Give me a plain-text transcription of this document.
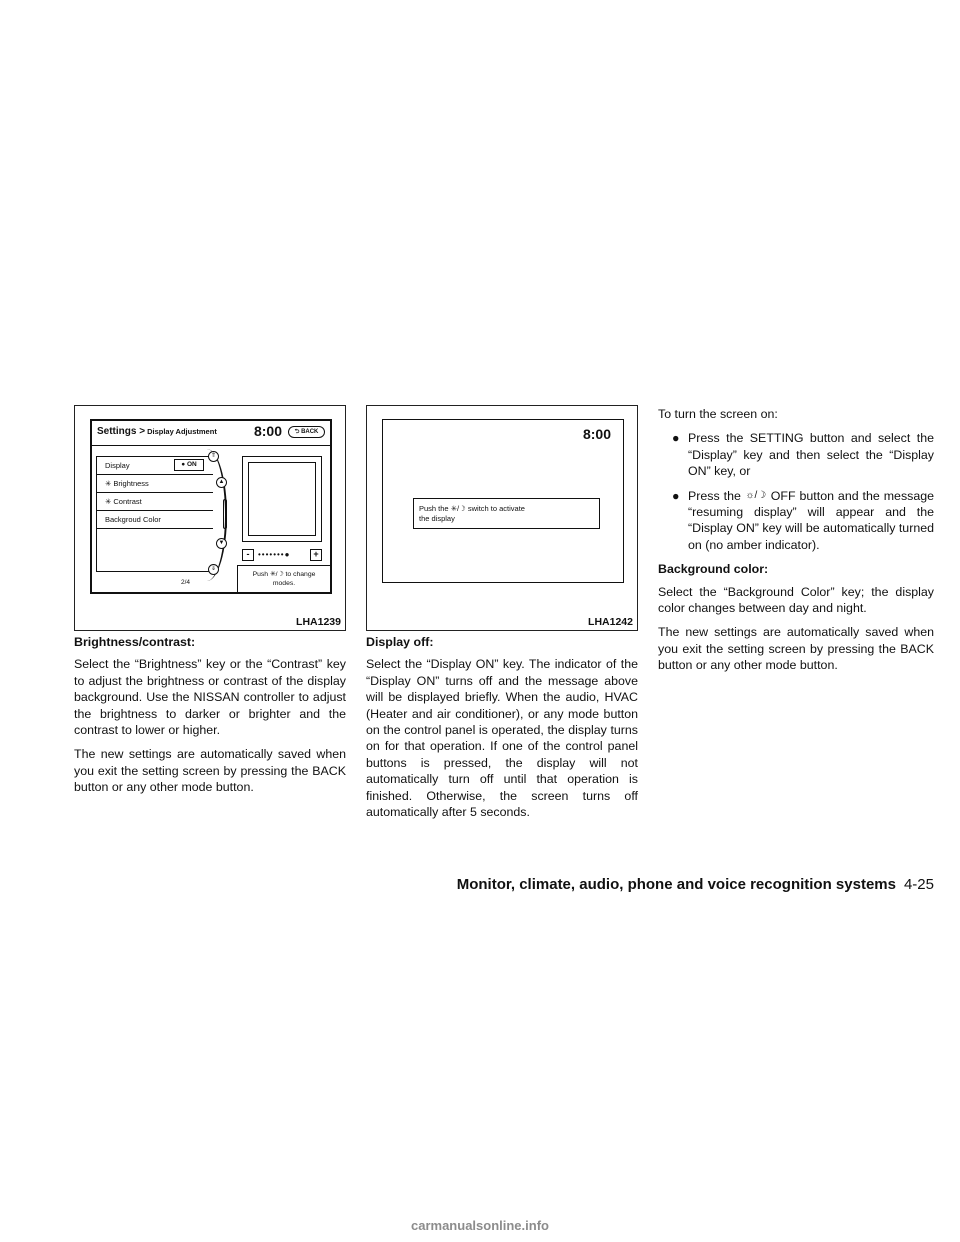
Settings > Display Adjustment	8:00	⮌ BACK
Display	● ON
✳ Brightness
✳ Contrast
Backgroud Color
2/4
⇑
▲
▼
⇓
-	•••••••●	+
Push ✳/☽ to change
modes.
LHA1239
8:00
Push the ✳/☽ switch to activate
the display
LHA1242

Brightness/contrast:

Select the “Brightness” key or the “Contrast” key to adjust the brightness or contrast of the display background. Use the NISSAN controller to adjust the brightness to darker or brighter and the contrast to lower or higher.

The new settings are automatically saved when you exit the setting screen by pressing the BACK button or any other mode button.

Display off:

Select the “Display ON” key. The indicator of the “Display ON” turns off and the message above will be displayed briefly. When the audio, HVAC (Heater and air conditioner), or any mode button on the control panel is operated, the display turns on for that operation. If one of the control panel buttons is pressed, the display will not automatically turn off until that operation is finished. Otherwise, the screen turns off automatically after 5 seconds.

To turn the screen on:

● Press the SETTING button and select the “Display” key and then select the “Display ON” key, or
● Press the ☼/☽ OFF button and the message “resuming display” will appear and the “Display ON” key will be automatically turned on (no amber indicator).

Background color:

Select the “Background Color” key; the display color changes between day and night.

The new settings are automatically saved when you exit the setting screen by pressing the BACK button or any other mode button.

Monitor, climate, audio, phone and voice recognition systems 4-25
carmanualsonline.info
